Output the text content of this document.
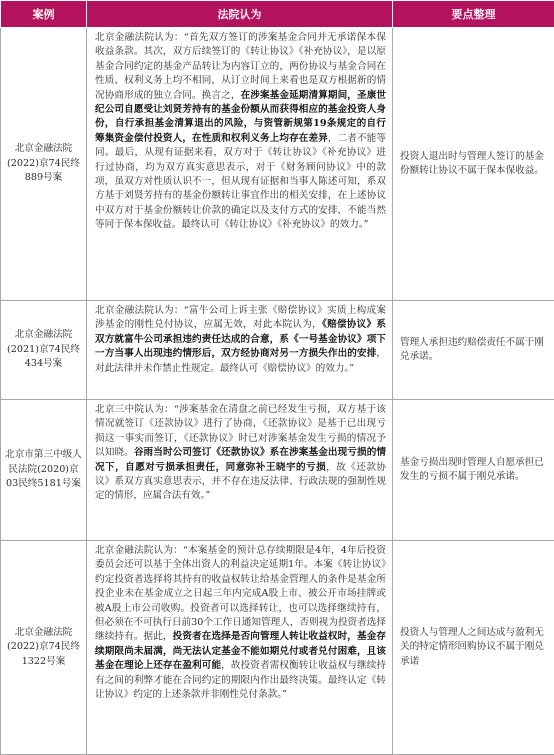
案例	法院认为	要点整理
北京金融法院(2022)京74民终889号案	北京金融法院认为：“首先双方签订的涉案基金合同并无承诺保本保收益条款。其次，双方后续签订的《转让协议》《补充协议》，是以原基金合同约定的基金产品转让为内容订立的，两份协议与基金合同在性质、权利义务上均不相同，从订立时间上来看也是双方根据新的情况协商形成的独立合同。换言之，在涉案基金延期清算期间，圣康世纪公司自愿受让刘贤芳持有的基金份额从而获得相应的基金投资人身份，自行承担基金清算退出的风险，与资管新规第19条规定的自行筹集资金偿付投资人，在性质和权利义务上均存在差异，二者不能等同。最后，从现有证据来看，双方对于《转让协议》《补充协议》进行过协商，均为双方真实意思表示，对于《财务顾问协议》中的款项，虽双方对性质认识不一，但从现有证据和当事人陈述可知，系双方基于刘贤芳持有的基金份额转让事宜作出的相关安排，在上述协议中双方对于基金份额转让价款的确定以及支付方式的安排，不能当然等同于保本保收益。最终认可《转让协议》《补充协议》的效力。”	投资人退出时与管理人签订的基金份额转让协议不属于保本保收益。
北京金融法院(2021)京74民终434号案	北京金融法院认为：“富牛公司上诉主张《赔偿协议》实质上构成案涉基金的刚性兑付协议，应属无效，对此本院认为，《赔偿协议》系双方就富牛公司承担违约责任达成的合意，系《一号基金协议》项下一方当事人出现违约情形后，双方经协商对另一方损失作出的安排，对此法律并未作禁止性规定。最终认可《赔偿协议》的效力。”	管理人承担违约赔偿责任不属于刚兑承诺。
北京市第三中级人民法院(2020)京03民终5181号案	北京三中院认为：“涉案基金在清盘之前已经发生亏损，双方基于该情况就签订《还款协议》进行了协商，《还款协议》是基于已出现亏损这一事实而签订，《还款协议》时已对涉案基金发生亏损的情况予以知晓。谷雨当时公司签订《还款协议》系在涉案基金出现亏损的情况下，自愿对亏损承担责任，同意弥补王晓宇的亏损，故《还款协议》系双方真实意思表示，并不存在违反法律、行政法规的强制性规定的情形，应属合法有效。”	基金亏损出现时管理人自愿承担已发生的亏损不属于刚兑承诺。
北京金融法院(2022)京74民终1322号案	北京金融法院认为：“本案基金的预计总存续期限是4年，4年后投资委员会还可以基于全体出资人的利益决定延期1年。本案《转让协议》约定投资者选择将其持有的收益权转让给基金管理人的条件是基金所投企业未在基金成立之日起三年内完成A股上市、被公开市场挂牌或被A股上市公司收购。投资者可以选择转让，也可以选择继续持有，但必须在不可执行日前30个工作日通知管理人，否则视为投资者选择继续持有。据此，投资者在选择是否向管理人转让收益权时，基金存续期限尚未届满，尚无法认定基金不能如期兑付或者兑付困难，且该基金在理论上还存在盈利可能，故投资者需权衡转让收益权与继续持有之间的利弊才能在合同约定的期限内作出最终决策。最终认定《转让协议》约定的上述条款并非刚性兑付条款。”	投资人与管理人之间达成与盈利无关的特定情形回购协议不属于刚兑承诺
